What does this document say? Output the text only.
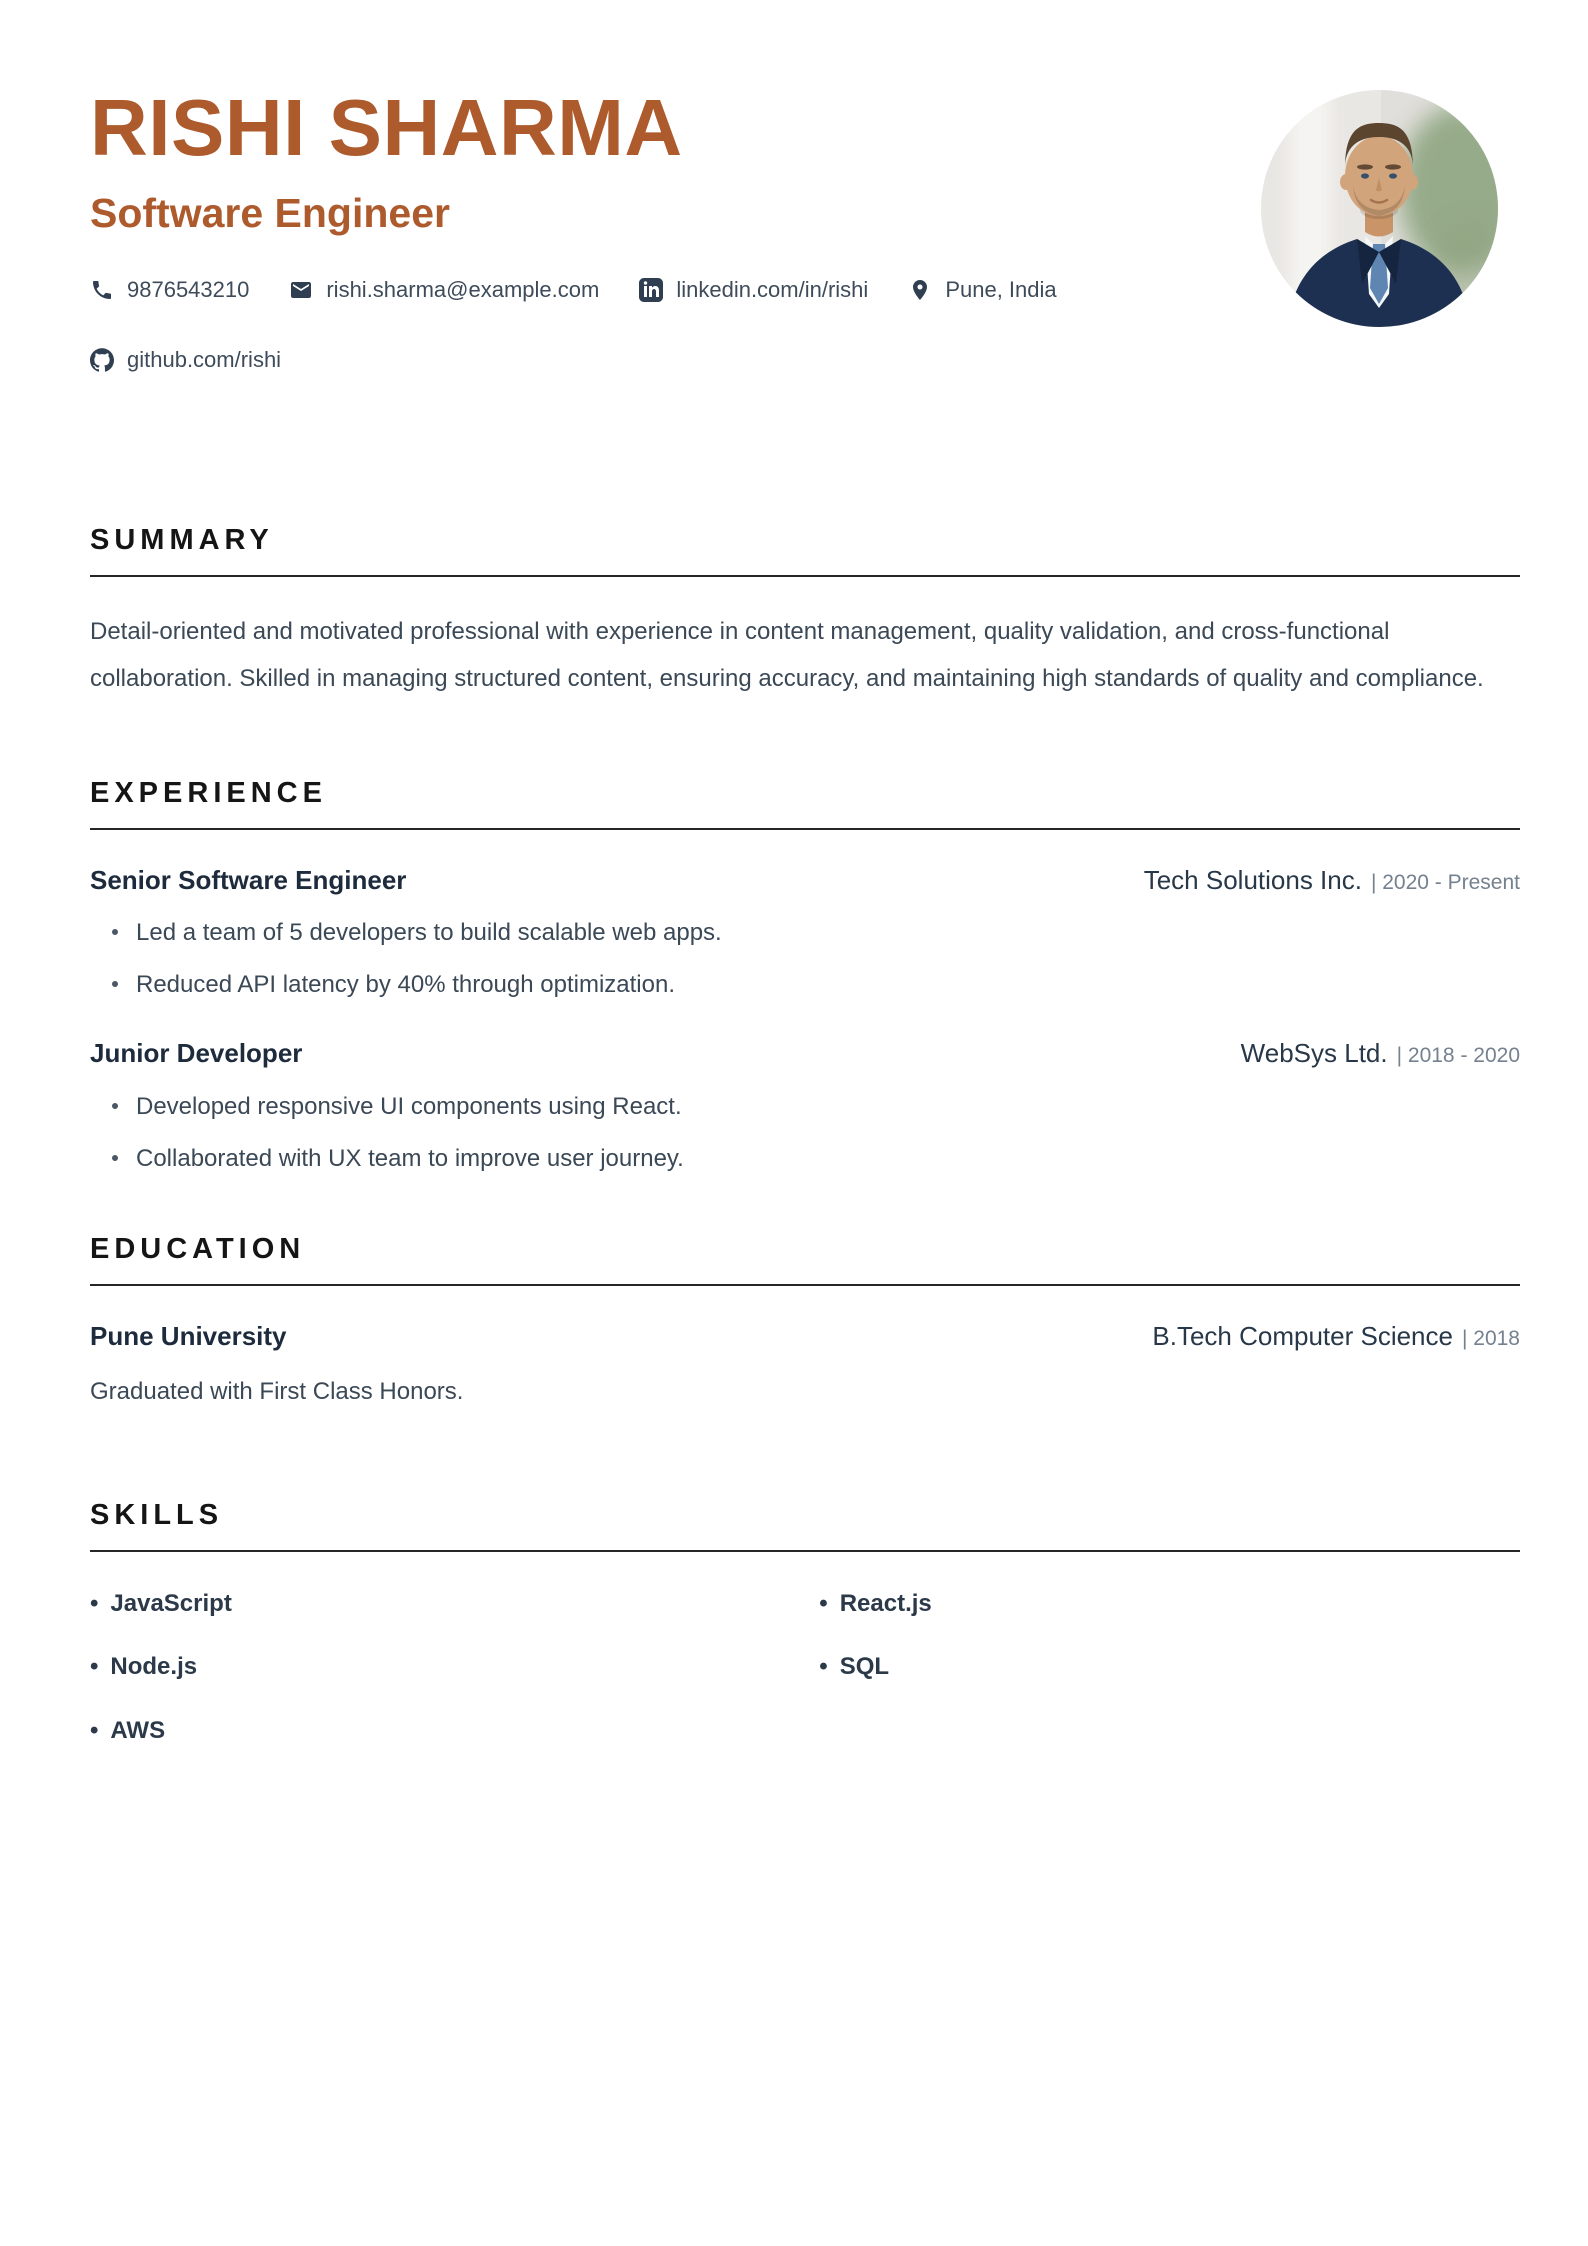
RISHI SHARMA
Software Engineer
9876543210	rishi.sharma@example.com	linkedin.com/in/rishi	Pune, India
github.com/rishi
SUMMARY

Detail-oriented and motivated professional with experience in content management, quality validation, and cross-functional collaboration. Skilled in managing structured content, ensuring accuracy, and maintaining high standards of quality and compliance.

EXPERIENCE
Senior Software Engineer	Tech Solutions Inc. | 2020 - Present
Led a team of 5 developers to build scalable web apps.
Reduced API latency by 40% through optimization.
Junior Developer	WebSys Ltd. | 2018 - 2020
Developed responsive UI components using React.
Collaborated with UX team to improve user journey.
EDUCATION
Pune University	B.Tech Computer Science | 2018
Graduated with First Class Honors.
SKILLS
• JavaScript	• React.js
• Node.js	• SQL
• AWS
